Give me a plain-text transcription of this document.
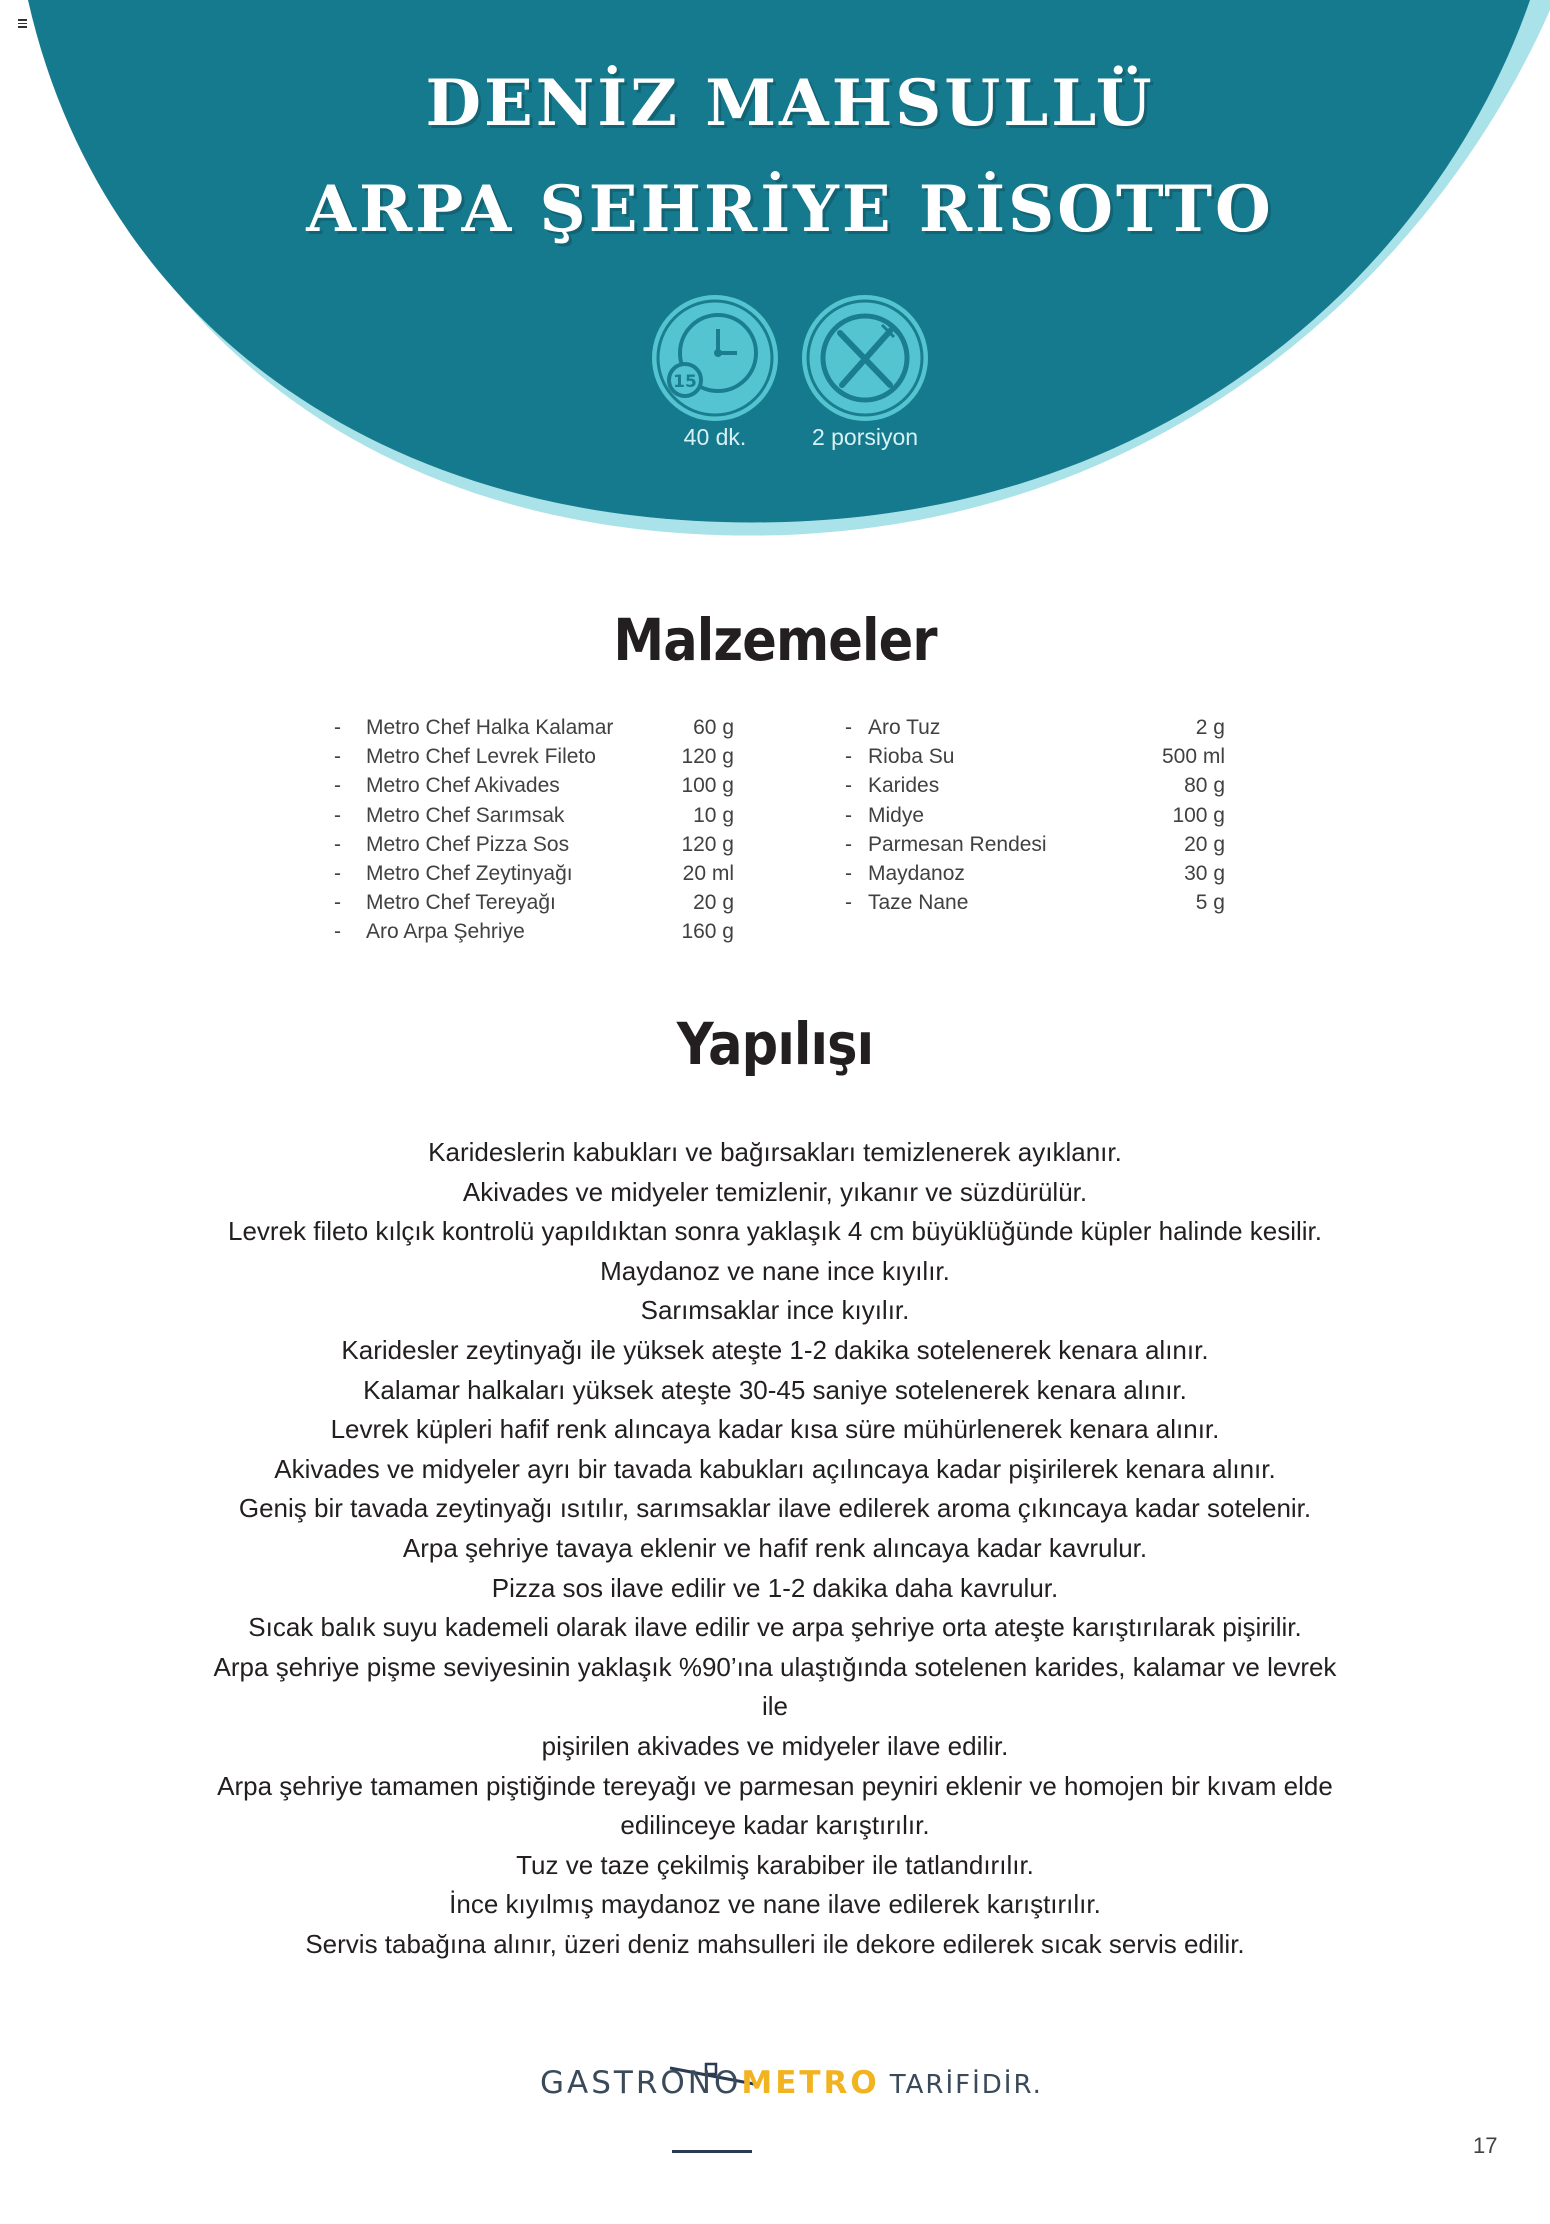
DENİZ MAHSULLÜ
ARPA ŞEHRİYE RİSOTTO
15
40 dk.	2 porsiyon
Malzemeler
- Metro Chef Halka Kalamar	60 g
- Metro Chef Levrek Fileto	120 g
- Metro Chef Akivades	100 g
- Metro Chef Sarımsak	10 g
- Metro Chef Pizza Sos	120 g
- Metro Chef Zeytinyağı	20 ml
- Metro Chef Tereyağı	20 g
- Aro Arpa Şehriye	160 g
- Aro Tuz	2 g
- Rioba Su	500 ml
- Karides	80 g
- Midye	100 g
- Parmesan Rendesi	20 g
- Maydanoz	30 g
- Taze Nane	5 g
Yapılışı
Karideslerin kabukları ve bağırsakları temizlenerek ayıklanır.
Akivades ve midyeler temizlenir, yıkanır ve süzdürülür.
Levrek fileto kılçık kontrolü yapıldıktan sonra yaklaşık 4 cm büyüklüğünde küpler halinde kesilir.
Maydanoz ve nane ince kıyılır.
Sarımsaklar ince kıyılır.
Karidesler zeytinyağı ile yüksek ateşte 1-2 dakika sotelenerek kenara alınır.
Kalamar halkaları yüksek ateşte 30-45 saniye sotelenerek kenara alınır.
Levrek küpleri hafif renk alıncaya kadar kısa süre mühürlenerek kenara alınır.
Akivades ve midyeler ayrı bir tavada kabukları açılıncaya kadar pişirilerek kenara alınır.
Geniş bir tavada zeytinyağı ısıtılır, sarımsaklar ilave edilerek aroma çıkıncaya kadar sotelenir.
Arpa şehriye tavaya eklenir ve hafif renk alıncaya kadar kavrulur.
Pizza sos ilave edilir ve 1-2 dakika daha kavrulur.
Sıcak balık suyu kademeli olarak ilave edilir ve arpa şehriye orta ateşte karıştırılarak pişirilir.
Arpa şehriye pişme seviyesinin yaklaşık %90’ına ulaştığında sotelenen karides, kalamar ve levrek ile
pişirilen akivades ve midyeler ilave edilir.
Arpa şehriye tamamen piştiğinde tereyağı ve parmesan peyniri eklenir ve homojen bir kıvam elde
edilinceye kadar karıştırılır.
Tuz ve taze çekilmiş karabiber ile tatlandırılır.
İnce kıyılmış maydanoz ve nane ilave edilerek karıştırılır.
Servis tabağına alınır, üzeri deniz mahsulleri ile dekore edilerek sıcak servis edilir.
GASTRONOMETRO TARİFİDİR.
17
